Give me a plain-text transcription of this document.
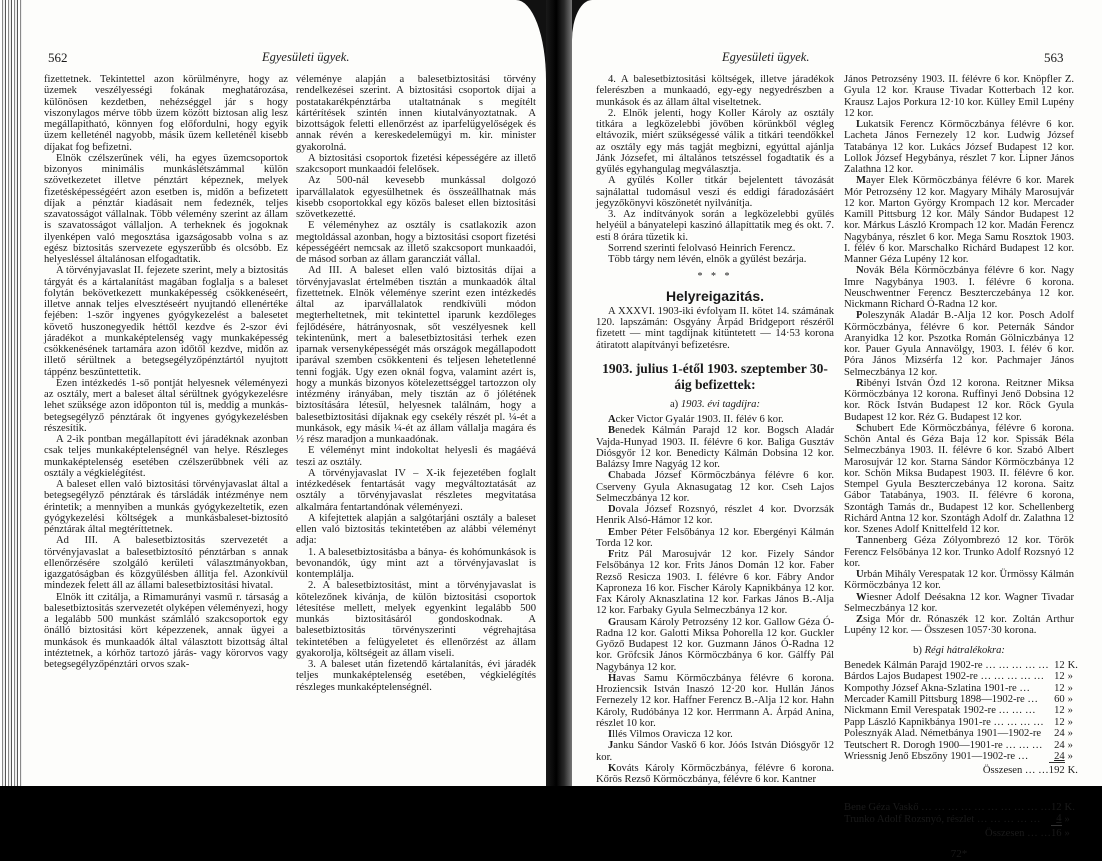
562	Egyesületi ügyek.

fizettetnek. Tekintettel azon körülményre, hogy az üzemek veszélyességi fokának meghatározása, különösen kezdetben, nehézséggel jár s hogy viszonylagos mérve több üzem között biztosan alig lesz megállapitható, könnyen fog előfordulni, hogy egyik üzem kelleténél nagyobb, másik üzem kelleténél kisebb díjakat fog befizetni.

Elnök czélszerűnek véli, ha egyes üzemcsoportok bizonyos minimális munkáslétszámmal külön szövetkezetet illetve pénztárt képeznek, melyek fizetésképességéért azon esetben is, midőn a befizetett díjak a pénztár kiadásait nem fedeznék, teljes szavatosságot vállalnak. Több vélemény szerint az állam is szavatosságot vállaljon. A terheknek és jogoknak ilyenképen való megosztása igazságosabb volna s az egész biztositás szervezete egyszerűbb és olcsóbb. Ez helyesléssel általánosan elfogadtatik.

A törvényjavaslat II. fejezete szerint, mely a biztositás tárgyát és a kártalanítást magában foglalja s a baleset folytán bekövetkezett munkaképesség csökkenéseért, illetve annak teljes elvesztéseért nyujtandó ellenértéke fejében: 1-ször ingyenes gyógykezelést a balesetet követő huszonegyedik héttől kezdve és 2-szor évi járadékot a munkaképtelenség vagy munkaképesség csökkenésének tartamára azon időtől kezdve, midőn az illető sérültnek a betegsegélyzőpénztártól nyujtott táppénz beszüntettetik.

Ezen intézkedés 1-ső pontját helyesnek véleményezi az osztály, mert a baleset által sérültnek gyógykezelésre lehet szüksége azon időponton túl is, meddig a munkás-betegsegélyző pénztárak őt ingyenes gyógykezelésben részesítik.

A 2-ik pontban megállapított évi járadéknak azonban csak teljes munkaképtelenségnél van helye. Részleges munkaképtelenség esetében czélszerűbbnek véli az osztály a végkielégítést.

A baleset ellen való biztositási törvényjavaslat által a betegsegélyző pénztárak és társládák intézménye nem érintetik; a mennyiben a munkás gyógykezeltetik, ezen gyógykezelési költségek a munkásbaleset-biztosító pénztárak által megtéríttetnek.

Ad III. A balesetbiztositás szervezetét a törvényjavaslat a balesetbiztosító pénztárban s annak ellenőrzésére szolgáló kerületi választmányokban, igazgatóságban és közgyűlésben állítja fel. Azonkívül mindezek felett áll az állami balesetbiztositási hivatal.

Elnök itt czitálja, a Rimamurányi vasmű r. társaság a balesetbiztositás szervezetét olyképen véleményezi, hogy a legalább 500 munkást számláló szakcsoportok egy önálló biztositási kört képezzenek, annak ügyei a munkások és munkaadók által választott bizottság által intéztetnek, a kórhöz tartozó járás- vagy körorvos vagy betegsegélyzőpénztári orvos szak-

véleménye alapján a balesetbiztositási törvény rendelkezései szerint. A biztositási csoportok díjai a postatakarékpénztárba utaltatnának s megítélt kártérítések szintén innen kiutalványoztatnak. A bizottságok feletti ellenőrzést az iparfelügyelőségek és annak révén a kereskedelemügyi m. kir. minister gyakorolná.

A biztositási csoportok fizetési képességére az illető szakcsoport munkaadói felelősek.

Az 500-nál kevesebb munkással dolgozó iparvállalatok egyesülhetnek és összeállhatnak más kisebb csoportokkal egy közös baleset ellen biztositási szövetkezetté.

E véleményhez az osztály is csatlakozik azon megtoldással azonban, hogy a biztositási csoport fizetési képességéért nemcsak az illető szakcsoport munkaadói, de másod sorban az állam garancziát vállal.

Ad III. A baleset ellen való biztositás díjai a törvényjavaslat értelmében tisztán a munkaadók által fizettetnek. Elnök véleménye szerint ezen intézkedés által az iparvállalatok rendkívüli módon megterheltetnek, mit tekintettel iparunk kezdőleges fejlődésére, hátrányosnak, sőt veszélyesnek kell tekintenünk, mert a balesetbiztositási terhek ezen iparnak versenyképességét más országok megállapodott iparával szemben csökkenteni és teljesen lehetetlenné tenni fogják. Ugy ezen oknál fogva, valamint azért is, hogy a munkás bizonyos kötelezettséggel tartozzon oly intézmény irányában, mely tisztán az ő jólétének biztosítására létesül, helyesnek találnám, hogy a balesetbiztositási díjaknak egy csekély részét pl. ¼-ét a munkások, egy másik ¼-ét az állam vállalja magára és ½ rész maradjon a munkaadónak.

E véleményt mint indokoltat helyesli és magáévá teszi az osztály.

A törvényjavaslat IV – X-ik fejezetében foglalt intézkedések fentartását vagy megváltoztatását az osztály a törvényjavaslat részletes megvitatása alkalmára fentartandónak véleményezi.

A kifejtettek alapján a salgótarjáni osztály a baleset ellen való biztositás tekintetében az alábbi véleményt adja:

1. A balesetbiztositásba a bánya- és kohómunkások is bevonandók, úgy mint azt a törvényjavaslat is kontemplálja.

2. A balesetbiztositást, mint a törvényjavaslat is kötelezőnek kivánja, de külön biztositási csoportok létesítése mellett, melyek egyenkint legalább 500 munkás biztositásáról gondoskodnak. A balesetbiztositás törvényszerinti végrehajtása tekintetében a felügyeletet és ellenőrzést az állam gyakorolja, költségeit az állam viseli.

3. A baleset után fizetendő kártalanítás, évi járadék teljes munkaképtelenség esetében, végkielégítés részleges munkaképtelenségnél.

Egyesületi ügyek.	563

4. A balesetbiztositási költségek, illetve járadékok felerészben a munkaadó, egy-egy negyedrészben a munkások és az állam által viseltetnek.

2. Elnök jelenti, hogy Koller Károly az osztály titkára a legközelebbi jövőben körünkből végleg eltávozik, miért szükségessé válik a titkári teendőkkel az osztály egy más tagját megbizni, egyúttal ajánlja Jánk Józsefet, mi általános tetszéssel fogadtatik és a gyűlés egyhangulag megválasztja.

A gyűlés Koller titkár bejelentett távozását sajnálattal tudomásul veszi és eddigi fáradozásáért jegyzőkönyvi köszönetét nyilvánítja.

3. Az indítványok során a legközelebbi gyűlés helyéül a bányatelepi kaszinó állapíttatik meg és okt. 7. esti 8 órára tűzetik ki.

Sorrend szerinti felolvasó Heinrich Ferencz.

Több tárgy nem lévén, elnök a gyűlést bezárja.

* * *
Helyreigazitás.

A XXXVI. 1903-iki évfolyam II. kötet 14. számának 120. lapszámán: Osgyány Árpád Bridgeport részéről fizetett — mint tagdíjnak kitüntetett — 14·53 korona átiratott alapítványi befizetésre.

1903. julius 1-étől 1903. szeptember 30-áig befizettek:
a) 1903. évi tagdíjra:

Acker Victor Gyalár 1903. II. félév 6 kor.

Benedek Kálmán Parajd 12 kor. Bogsch Aladár Vajda-Hunyad 1903. II. félévre 6 kor. Baliga Gusztáv Diósgyőr 12 kor. Benedicty Kálmán Dobsina 12 kor. Balázsy Imre Nagyág 12 kor.

Chabada József Körmöczbánya félévre 6 kor. Cserveny Gyula Aknasugatag 12 kor. Cseh Lajos Selmeczbánya 12 kor.

Dovala József Rozsnyó, részlet 4 kor. Dvorzsák Henrik Alsó-Hámor 12 kor.

Ember Péter Felsőbánya 12 kor. Ebergényi Kálmán Torda 12 kor.

Fritz Pál Marosujvár 12 kor. Fizely Sándor Felsőbánya 12 kor. Frits János Domán 12 kor. Faber Rezső Resicza 1903. I. félévre 6 kor. Fábry Andor Kaproneza 16 kor. Fischer Károly Kapnikbánya 12 kor. Fax Károly Aknaszlatina 12 kor. Farkas János B.-Alja 12 kor. Farbaky Gyula Selmeczbánya 12 kor.

Grausam Károly Petrozsény 12 kor. Gallow Géza Ó-Radna 12 kor. Galotti Miksa Pohorella 12 kor. Guckler Győző Budapest 12 kor. Guzmann János Ó-Radna 12 kor. Gröfcsik János Körmöczbánya 6 kor. Gálffy Pál Nagybánya 12 kor.

Havas Samu Körmöczbánya félévre 6 korona. Hroziencsik István Inaszó 12·20 kor. Hullán János Fernezely 12 kor. Haffner Ferencz B.-Alja 12 kor. Hahn Károly, Rudóbánya 12 kor. Herrmann A. Árpád Anina, részlet 10 kor.

Illés Vilmos Oravicza 12 kor.

Janku Sándor Vaskő 6 kor. Jóós István Diósgyőr 12 kor.

Kováts Károly Körmöczbánya, félévre 6 korona. Kőrös Rezső Körmöczbánya, félévre 6 kor. Kantner

János Petrozsény 1903. II. félévre 6 kor. Knöpfler Z. Gyula 12 kor. Krause Tivadar Kotterbach 12 kor. Krausz Lajos Porkura 12·10 kor. Külley Emil Lupény 12 kor.

Lukatsik Ferencz Körmöczbánya félévre 6 kor. Lacheta János Fernezely 12 kor. Ludwig József Tatabánya 12 kor. Lukács József Budapest 12 kor. Lollok József Hegybánya, részlet 7 kor. Lipner János Zalathna 12 kor.

Mayer Elek Körmöczbánya félévre 6 kor. Marek Mór Petrozsény 12 kor. Magyary Mihály Marosujvár 12 kor. Marton György Krompach 12 kor. Mercader Kamill Pittsburg 12 kor. Mály Sándor Budapest 12 kor. Márkus László Krompach 12 kor. Madán Ferencz Nagybánya, részlet 6 kor. Mega Samu Rosztok 1903. I. félév 6 kor. Marschalko Richárd Budapest 12 kor. Manner Géza Lupény 12 kor.

Novák Béla Körmöczbánya félévre 6 kor. Nagy Imre Nagybánya 1903. I. félévre 6 korona. Neuschwentner Ferencz Beszterczebánya 12 kor. Nickmann Richard Ó-Radna 12 kor.

Poleszynák Aladár B.-Alja 12 kor. Posch Adolf Körmöczbánya, félévre 6 kor. Peternák Sándor Aranyidka 12 kor. Pszotka Román Gölniczbánya 12 kor. Pauer Gyula Annavölgy, 1903. I. félév 6 kor. Póra János Mizsérfa 12 kor. Pachmajer János Selmeczbánya 12 kor.

Ribényi István Ózd 12 korona. Reitzner Miksa Körmöczbánya 12 korona. Ruffinyi Jenő Dobsina 12 kor. Röck István Budapest 12 kor. Röck Gyula Budapest 12 kor. Réz G. Budapest 12 kor.

Schubert Ede Körmöczbánya, félévre 6 korona. Schön Antal és Géza Baja 12 kor. Spissák Béla Selmeczbánya 1903. II. félévre 6 kor. Szabó Albert Marosujvár 12 kor. Starna Sándor Körmöczbánya 12 kor. Schön Miksa Budapest 1903. II. félévre 6 kor. Stempel Gyula Beszterczebánya 12 korona. Saitz Gábor Tatabánya, 1903. II. félévre 6 korona, Szontágh Tamás dr., Budapest 12 kor. Schellenberg Richárd Antna 12 kor. Szontágh Adolf dr. Zalathna 12 kor. Szenes Adolf Knittelfeld 12 kor.

Tannenberg Géza Zólyombrezó 12 kor. Török Ferencz Felsőbánya 12 kor. Trunko Adolf Rozsnyó 12 kor.

Urbán Mihály Verespatak 12 kor. Ürmössy Kálmán Körmöczbánya 12 kor.

Wiesner Adolf Deésakna 12 kor. Wagner Tivadar Selmeczbánya 12 kor.

Zsiga Mór dr. Rónaszék 12 kor. Zoltán Arthur Lupény 12 kor. — Összesen 1057·30 korona.

b) Régi hátralékokra:
Benedek Kálmán Parajd 1902-re … … … … …	12	K.
Bárdos Lajos Budapest 1902-re … … … … …	12	»
Kompothy József Akna-Szlatina 1901-re …	12	»
Mercader Kamill Pittsburg 1898—1902-re …	60	»
Nickmann Emil Verespatak 1902-re … … …	12	»
Papp László Kapnikbánya 1901-re … … … …	12	»
Polesznyák Alad. Németbánya 1901—1902-re	24	»
Teutschert R. Dorogh 1900—1901-re … … …	24	»
Wriessnig Jenő Ebszőny 1901—1902-re …	24	»
Összesen … …	192	K.
Bene Géza Vaskő … … … … … … … … … …	12	K.
Trunko Adolf Rozsnyó, részlet … … … … …	4	»
Összesen … …	16	»
72*
